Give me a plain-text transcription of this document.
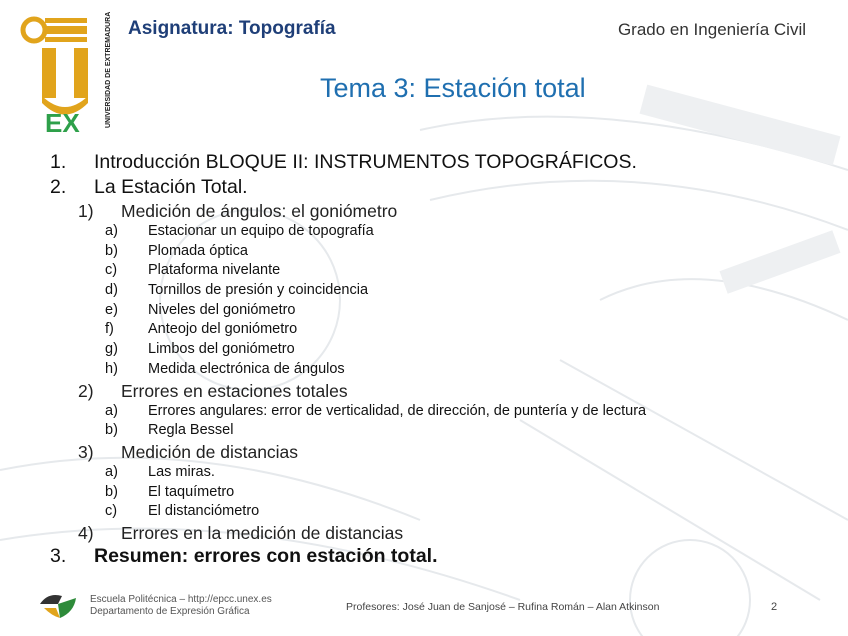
EX	UNIVERSIDAD DE EXTREMADURA Asignatura: Topografía	Grado en Ingeniería Civil
Tema 3: Estación total
1.	Introducción BLOQUE II: INSTRUMENTOS TOPOGRÁFICOS.
2.	La Estación Total.
1)	Medición de ángulos: el goniómetro
a)	Estacionar un equipo de topografía
b)	Plomada óptica
c)	Plataforma nivelante
d)	Tornillos de presión y coincidencia
e)	Niveles del goniómetro
f)	Anteojo del goniómetro
g)	Limbos del goniómetro
h)	Medida electrónica de ángulos
2)	Errores en estaciones totales
a)	Errores angulares: error de verticalidad, de dirección, de puntería y de lectura
b)	Regla Bessel
3)	Medición de distancias
a)	Las miras.
b)	El taquímetro
c)	El distanciómetro
4)	Errores en la medición de distancias
3.	Resumen: errores con estación total.
Escuela Politécnica – http://epcc.unex.es
Departamento de Expresión Gráfica	Profesores: José Juan de Sanjosé – Rufina Román – Alan Atkinson	2
